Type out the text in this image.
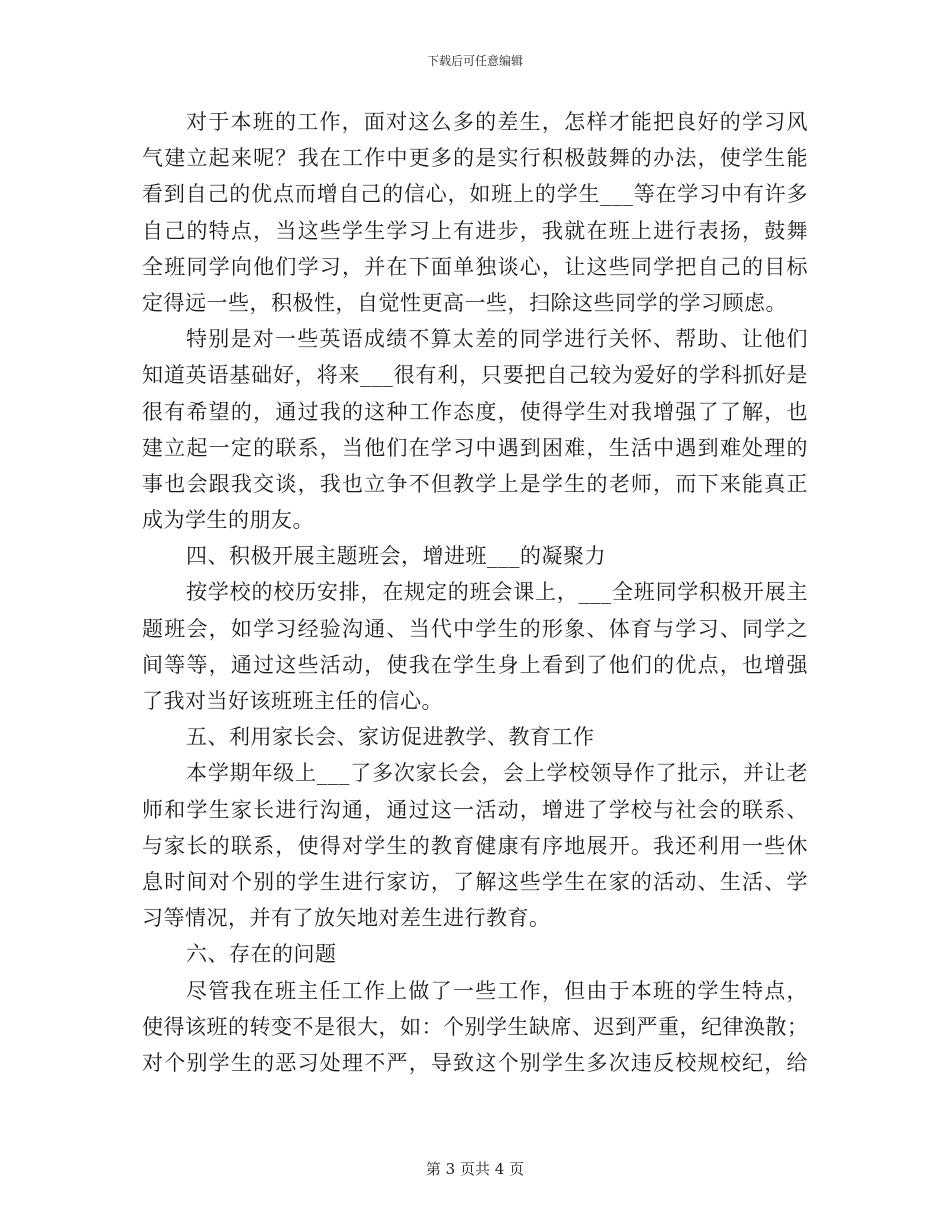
下载后可任意编辑
对于本班的工作，面对这么多的差生，怎样才能把良好的学习风
气建立起来呢？我在工作中更多的是实行积极鼓舞的办法，使学生能
看到自己的优点而增自己的信心，如班上的学生___等在学习中有许多
自己的特点，当这些学生学习上有进步，我就在班上进行表扬，鼓舞
全班同学向他们学习，并在下面单独谈心，让这些同学把自己的目标
定得远一些，积极性，自觉性更高一些，扫除这些同学的学习顾虑。
特别是对一些英语成绩不算太差的同学进行关怀、帮助、让他们
知道英语基础好，将来___很有利，只要把自己较为爱好的学科抓好是
很有希望的，通过我的这种工作态度，使得学生对我增强了了解，也
建立起一定的联系，当他们在学习中遇到困难，生活中遇到难处理的
事也会跟我交谈，我也立争不但教学上是学生的老师，而下来能真正
成为学生的朋友。
四、积极开展主题班会，增进班___的凝聚力
按学校的校历安排，在规定的班会课上，___全班同学积极开展主
题班会，如学习经验沟通、当代中学生的形象、体育与学习、同学之
间等等，通过这些活动，使我在学生身上看到了他们的优点，也增强
了我对当好该班班主任的信心。
五、利用家长会、家访促进教学、教育工作
本学期年级上___了多次家长会，会上学校领导作了批示，并让老
师和学生家长进行沟通，通过这一活动，增进了学校与社会的联系、
与家长的联系，使得对学生的教育健康有序地展开。我还利用一些休
息时间对个别的学生进行家访，了解这些学生在家的活动、生活、学
习等情况，并有了放矢地对差生进行教育。
六、存在的问题
尽管我在班主任工作上做了一些工作，但由于本班的学生特点，
使得该班的转变不是很大，如：个别学生缺席、迟到严重，纪律涣散；
对个别学生的恶习处理不严，导致这个别学生多次违反校规校纪，给
第 3 页共 4 页
